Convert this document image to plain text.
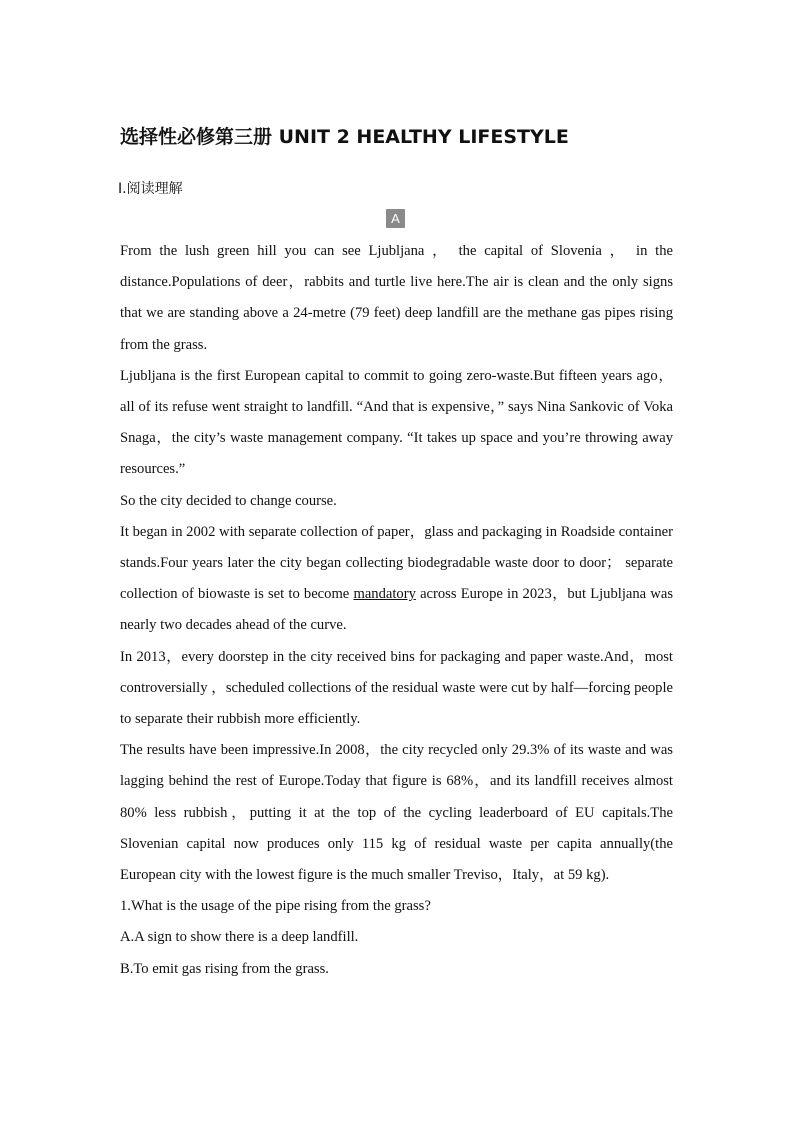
选择性必修第三册 UNIT 2 HEALTHY LIFESTYLE
Ⅰ.阅读理解
A

From the lush green hill you can see Ljubljana ， the capital of Slovenia ， in the distance.Populations of deer，rabbits and turtle live here.The air is clean and the only signs that we are standing above a 24-metre (79 feet) deep landfill are the methane gas pipes rising from the grass.

Ljubljana is the first European capital to commit to going zero-waste.But fifteen years ago，all of its refuse went straight to landfill. “And that is expensive，” says Nina Sankovic of Voka Snaga，the city’s waste management company. “It takes up space and you’re throwing away resources.”

So the city decided to change course.

It began in 2002 with separate collection of paper，glass and packaging in Roadside container stands.Four years later the city began collecting biodegradable waste door to door； separate collection of biowaste is set to become mandatory across Europe in 2023，but Ljubljana was nearly two decades ahead of the curve.

In 2013，every doorstep in the city received bins for packaging and paper waste.And，most controversially ，scheduled collections of the residual waste were cut by half—forcing people to separate their rubbish more efficiently.

The results have been impressive.In 2008，the city recycled only 29.3% of its waste and was lagging behind the rest of Europe.Today that figure is 68%，and its landfill receives almost 80% less rubbish，putting it at the top of the cycling leaderboard of EU capitals.The Slovenian capital now produces only 115 kg of residual waste per capita annually(the European city with the lowest figure is the much smaller Treviso，Italy，at 59 kg).

1.What is the usage of the pipe rising from the grass?

A.A sign to show there is a deep landfill.

B.To emit gas rising from the grass.
